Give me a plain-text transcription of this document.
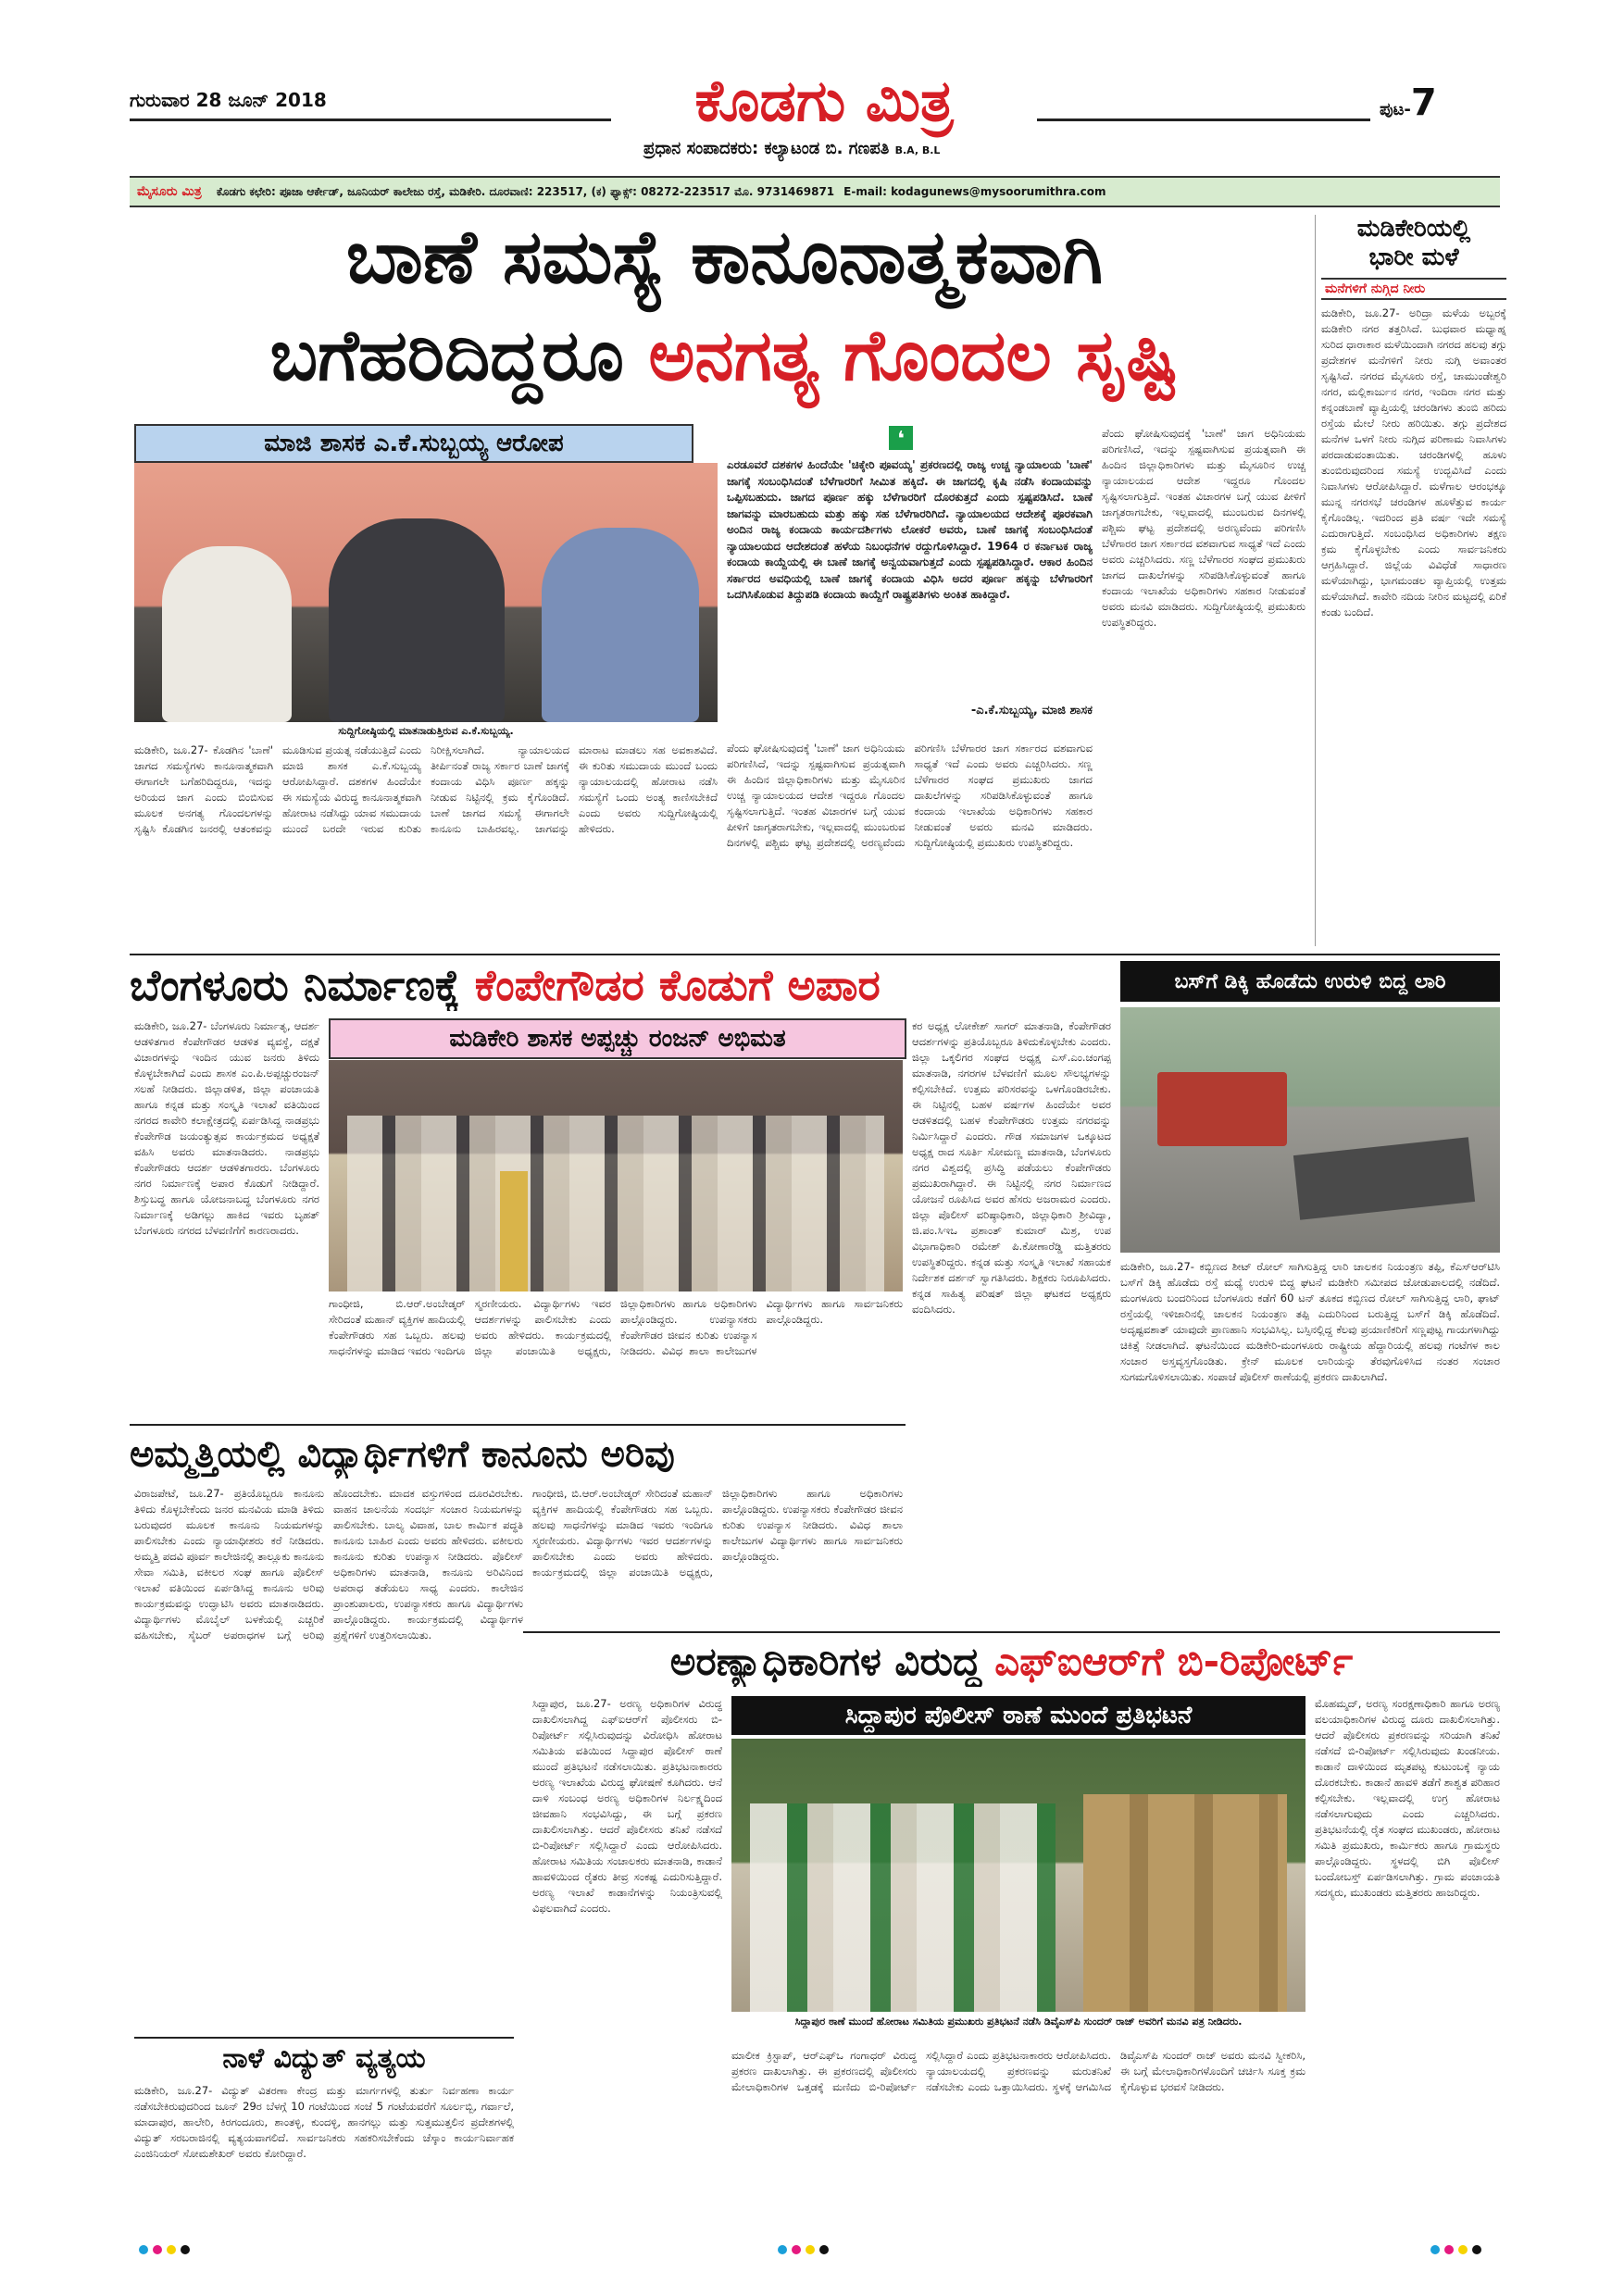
ಗುರುವಾರ 28 ಜೂನ್ 2018	ಕೊಡಗು ಮಿತ್ರ	ಪುಟ-7
ಪ್ರಧಾನ ಸಂಪಾದಕರು: ಕಲ್ಯಾಟಂಡ ಬಿ. ಗಣಪತಿ B.A, B.L
ಮೈಸೂರು ಮಿತ್ರ ಕೊಡಗು ಕಛೇರಿ: ಪೂಜಾ ಆರ್ಕೇಡ್, ಜೂನಿಯರ್ ಕಾಲೇಜು ರಸ್ತೆ, ಮಡಿಕೇರಿ. ದೂರವಾಣಿ: 223517, (ಕ) ಫ್ಯಾಕ್ಸ್: 08272-223517 ಮೊ. 9731469871 E-mail: kodagunews@mysoorumithra.com
ಬಾಣೆ ಸಮಸ್ಯೆ ಕಾನೂನಾತ್ಮಕವಾಗಿ
ಬಗೆಹರಿದಿದ್ದರೂ ಅನಗತ್ಯ ಗೊಂದಲ ಸೃಷ್ಟಿ
ಮಾಜಿ ಶಾಸಕ ಎ.ಕೆ.ಸುಬ್ಬಯ್ಯ ಆರೋಪ
ಸುದ್ದಿಗೋಷ್ಠಿಯಲ್ಲಿ ಮಾತನಾಡುತ್ತಿರುವ ಎ.ಕೆ.ಸುಬ್ಬಯ್ಯ.
ಮಡಿಕೇರಿ, ಜೂ.27- ಕೊಡಗಿನ 'ಬಾಣೆ' ಜಾಗದ ಸಮಸ್ಯೆಗಳು ಕಾನೂನಾತ್ಮಕವಾಗಿ ಈಗಾಗಲೇ ಬಗೆಹರಿದಿದ್ದರೂ, ಇದನ್ನು ಅರಿಯದ ಜಾಗ ಎಂದು ಬಿಂಬಿಸುವ ಮೂಲಕ ಅನಗತ್ಯ ಗೊಂದಲಗಳನ್ನು ಸೃಷ್ಟಿಸಿ ಕೊಡಗಿನ ಜನರಲ್ಲಿ ಆತಂಕವನ್ನು ಮೂಡಿಸುವ ಪ್ರಯತ್ನ ನಡೆಯುತ್ತಿದೆ ಎಂದು ಮಾಜಿ ಶಾಸಕ ಎ.ಕೆ.ಸುಬ್ಬಯ್ಯ ಆರೋಪಿಸಿದ್ದಾರೆ. ದಶಕಗಳ ಹಿಂದೆಯೇ ಈ ಸಮಸ್ಯೆಯ ವಿರುದ್ಧ ಕಾನೂನಾತ್ಮಕವಾಗಿ ಹೋರಾಟ ನಡೆಸಿದ್ದು ಯಾವ ಸಮುದಾಯ ಮುಂದೆ ಬರದೇ ಇರುವ ಕುರಿತು ನಿರೀಕ್ಷಿಸಲಾಗಿದೆ. ನ್ಯಾಯಾಲಯದ ತೀರ್ಪಿನಂತೆ ರಾಜ್ಯ ಸರ್ಕಾರ ಬಾಣೆ ಜಾಗಕ್ಕೆ ಕಂದಾಯ ವಿಧಿಸಿ ಪೂರ್ಣ ಹಕ್ಕನ್ನು ನೀಡುವ ನಿಟ್ಟಿನಲ್ಲಿ ಕ್ರಮ ಕೈಗೊಂಡಿದೆ. ಬಾಣೆ ಜಾಗದ ಸಮಸ್ಯೆ ಈಗಾಗಲೇ ಕಾನೂನು ಬಾಹಿರವಲ್ಲ. ಜಾಗವನ್ನು ಮಾರಾಟ ಮಾಡಲು ಸಹ ಅವಕಾಶವಿದೆ. ಈ ಕುರಿತು ಸಮುದಾಯ ಮುಂದೆ ಬಂದು ನ್ಯಾಯಾಲಯದಲ್ಲಿ ಹೋರಾಟ ನಡೆಸಿ ಸಮಸ್ಯೆಗೆ ಒಂದು ಅಂತ್ಯ ಕಾಣಿಸಬೇಕಿದೆ ಎಂದು ಅವರು ಸುದ್ದಿಗೋಷ್ಠಿಯಲ್ಲಿ ಹೇಳಿದರು.
❛
ಎರಡೂವರೆ ದಶಕಗಳ ಹಿಂದೆಯೇ 'ಚಿಕ್ಕೇರಿ ಪೂವಯ್ಯ' ಪ್ರಕರಣದಲ್ಲಿ ರಾಜ್ಯ ಉಚ್ಚ ನ್ಯಾಯಾಲಯ 'ಬಾಣೆ' ಜಾಗಕ್ಕೆ ಸಂಬಂಧಿಸಿದಂತೆ ಬೆಳೆಗಾರರಿಗೆ ಸೀಮಿತ ಹಕ್ಕಿದೆ. ಈ ಜಾಗದಲ್ಲಿ ಕೃಷಿ ನಡೆಸಿ ಕಂದಾಯವನ್ನು ಒಪ್ಪಿಸಬಹುದು. ಜಾಗದ ಪೂರ್ಣ ಹಕ್ಕು ಬೆಳೆಗಾರರಿಗೆ ದೊರಕುತ್ತದೆ ಎಂದು ಸ್ಪಷ್ಟಪಡಿಸಿದೆ. ಬಾಣೆ ಜಾಗವನ್ನು ಮಾರಬಹುದು ಮತ್ತು ಹಕ್ಕು ಸಹ ಬೆಳೆಗಾರರಿಗಿದೆ. ನ್ಯಾಯಾಲಯದ ಆದೇಶಕ್ಕೆ ಪೂರಕವಾಗಿ ಅಂದಿನ ರಾಜ್ಯ ಕಂದಾಯ ಕಾರ್ಯದರ್ಶಿಗಳು ಲೋಕರೆ ಅವರು, ಬಾಣೆ ಜಾಗಕ್ಕೆ ಸಂಬಂಧಿಸಿದಂತೆ ನ್ಯಾಯಾಲಯದ ಆದೇಶದಂತೆ ಹಳೆಯ ನಿಬಂಧನೆಗಳ ರದ್ದುಗೊಳಿಸಿದ್ದಾರೆ. 1964 ರ ಕರ್ನಾಟಕ ರಾಜ್ಯ ಕಂದಾಯ ಕಾಯ್ದೆಯಲ್ಲಿ ಈ ಬಾಣೆ ಜಾಗಕ್ಕೆ ಅನ್ವಯವಾಗುತ್ತದೆ ಎಂದು ಸ್ಪಷ್ಟಪಡಿಸಿದ್ದಾರೆ. ಆಕಾರ ಹಿಂದಿನ ಸರ್ಕಾರದ ಅವಧಿಯಲ್ಲಿ ಬಾಣೆ ಜಾಗಕ್ಕೆ ಕಂದಾಯ ವಿಧಿಸಿ ಅದರ ಪೂರ್ಣ ಹಕ್ಕನ್ನು ಬೆಳೆಗಾರರಿಗೆ ಒದಗಿಸಿಕೊಡುವ ತಿದ್ದುಪಡಿ ಕಂದಾಯ ಕಾಯ್ದೆಗೆ ರಾಷ್ಟ್ರಪತಿಗಳು ಅಂಕಿತ ಹಾಕಿದ್ದಾರೆ.
-ಎ.ಕೆ.ಸುಬ್ಬಯ್ಯ, ಮಾಜಿ ಶಾಸಕ
ಪೆಂದು ಘೋಷಿಸುವುದಕ್ಕೆ 'ಬಾಣೆ' ಜಾಗ ಅಧಿನಿಯಮ ಪರಿಗಣಿಸಿದೆ, ಇದನ್ನು ಸ್ಪಷ್ಟವಾಗಿಸುವ ಪ್ರಯತ್ನವಾಗಿ ಈ ಹಿಂದಿನ ಜಿಲ್ಲಾಧಿಕಾರಿಗಳು ಮತ್ತು ಮೈಸೂರಿನ ಉಚ್ಚ ನ್ಯಾಯಾಲಯದ ಆದೇಶ ಇದ್ದರೂ ಗೊಂದಲ ಸೃಷ್ಟಿಸಲಾಗುತ್ತಿದೆ. ಇಂತಹ ವಿಚಾರಗಳ ಬಗ್ಗೆ ಯುವ ಪೀಳಿಗೆ ಜಾಗೃತರಾಗಬೇಕು, ಇಲ್ಲವಾದಲ್ಲಿ ಮುಂಬರುವ ದಿನಗಳಲ್ಲಿ ಪಶ್ಚಿಮ ಘಟ್ಟ ಪ್ರದೇಶದಲ್ಲಿ ಅರಣ್ಯವೆಂದು ಪರಿಗಣಿಸಿ ಬೆಳೆಗಾರರ ಜಾಗ ಸರ್ಕಾರದ ವಶವಾಗುವ ಸಾಧ್ಯತೆ ಇದೆ ಎಂದು ಅವರು ಎಚ್ಚರಿಸಿದರು. ಸಣ್ಣ ಬೆಳೆಗಾರರ ಸಂಘದ ಪ್ರಮುಖರು ಜಾಗದ ದಾಖಲೆಗಳನ್ನು ಸರಿಪಡಿಸಿಕೊಳ್ಳುವಂತೆ ಹಾಗೂ ಕಂದಾಯ ಇಲಾಖೆಯ ಅಧಿಕಾರಿಗಳು ಸಹಕಾರ ನೀಡುವಂತೆ ಅವರು ಮನವಿ ಮಾಡಿದರು. ಸುದ್ದಿಗೋಷ್ಠಿಯಲ್ಲಿ ಪ್ರಮುಖರು ಉಪಸ್ಥಿತರಿದ್ದರು.
ಪೆಂದು ಘೋಷಿಸುವುದಕ್ಕೆ 'ಬಾಣೆ' ಜಾಗ ಅಧಿನಿಯಮ ಪರಿಗಣಿಸಿದೆ, ಇದನ್ನು ಸ್ಪಷ್ಟವಾಗಿಸುವ ಪ್ರಯತ್ನವಾಗಿ ಈ ಹಿಂದಿನ ಜಿಲ್ಲಾಧಿಕಾರಿಗಳು ಮತ್ತು ಮೈಸೂರಿನ ಉಚ್ಚ ನ್ಯಾಯಾಲಯದ ಆದೇಶ ಇದ್ದರೂ ಗೊಂದಲ ಸೃಷ್ಟಿಸಲಾಗುತ್ತಿದೆ. ಇಂತಹ ವಿಚಾರಗಳ ಬಗ್ಗೆ ಯುವ ಪೀಳಿಗೆ ಜಾಗೃತರಾಗಬೇಕು, ಇಲ್ಲವಾದಲ್ಲಿ ಮುಂಬರುವ ದಿನಗಳಲ್ಲಿ ಪಶ್ಚಿಮ ಘಟ್ಟ ಪ್ರದೇಶದಲ್ಲಿ ಅರಣ್ಯವೆಂದು ಪರಿಗಣಿಸಿ ಬೆಳೆಗಾರರ ಜಾಗ ಸರ್ಕಾರದ ವಶವಾಗುವ ಸಾಧ್ಯತೆ ಇದೆ ಎಂದು ಅವರು ಎಚ್ಚರಿಸಿದರು. ಸಣ್ಣ ಬೆಳೆಗಾರರ ಸಂಘದ ಪ್ರಮುಖರು ಜಾಗದ ದಾಖಲೆಗಳನ್ನು ಸರಿಪಡಿಸಿಕೊಳ್ಳುವಂತೆ ಹಾಗೂ ಕಂದಾಯ ಇಲಾಖೆಯ ಅಧಿಕಾರಿಗಳು ಸಹಕಾರ ನೀಡುವಂತೆ ಅವರು ಮನವಿ ಮಾಡಿದರು. ಸುದ್ದಿಗೋಷ್ಠಿಯಲ್ಲಿ ಪ್ರಮುಖರು ಉಪಸ್ಥಿತರಿದ್ದರು.
ಮಡಿಕೇರಿಯಲ್ಲಿ
ಭಾರೀ ಮಳೆ
ಮನೆಗಳಿಗೆ ನುಗ್ಗಿದ ನೀರು
ಮಡಿಕೇರಿ, ಜೂ.27- ಅರಿದ್ರಾ ಮಳೆಯ ಅಬ್ಬರಕ್ಕೆ ಮಡಿಕೇರಿ ನಗರ ತತ್ತರಿಸಿದೆ. ಬುಧವಾರ ಮಧ್ಯಾಹ್ನ ಸುರಿದ ಧಾರಾಕಾರ ಮಳೆಯಿಂದಾಗಿ ನಗರದ ಹಲವು ತಗ್ಗು ಪ್ರದೇಶಗಳ ಮನೆಗಳಿಗೆ ನೀರು ನುಗ್ಗಿ ಅವಾಂತರ ಸೃಷ್ಟಿಸಿದೆ. ನಗರದ ಮೈಸೂರು ರಸ್ತೆ, ಚಾಮುಂಡೇಶ್ವರಿ ನಗರ, ಮಲ್ಲಿಕಾರ್ಜುನ ನಗರ, ಇಂದಿರಾ ನಗರ ಮತ್ತು ಕನ್ನಂಡಬಾಣೆ ವ್ಯಾಪ್ತಿಯಲ್ಲಿ ಚರಂಡಿಗಳು ತುಂಬಿ ಹರಿದು ರಸ್ತೆಯ ಮೇಲೆ ನೀರು ಹರಿಯಿತು. ತಗ್ಗು ಪ್ರದೇಶದ ಮನೆಗಳ ಒಳಗೆ ನೀರು ನುಗ್ಗಿದ ಪರಿಣಾಮ ನಿವಾಸಿಗಳು ಪರದಾಡುವಂತಾಯಿತು. ಚರಂಡಿಗಳಲ್ಲಿ ಹೂಳು ತುಂಬಿರುವುದರಿಂದ ಸಮಸ್ಯೆ ಉದ್ಭವಿಸಿದೆ ಎಂದು ನಿವಾಸಿಗಳು ಆರೋಪಿಸಿದ್ದಾರೆ. ಮಳೆಗಾಲ ಆರಂಭಕ್ಕೂ ಮುನ್ನ ನಗರಸಭೆ ಚರಂಡಿಗಳ ಹೂಳೆತ್ತುವ ಕಾರ್ಯ ಕೈಗೊಂಡಿಲ್ಲ. ಇದರಿಂದ ಪ್ರತಿ ವರ್ಷ ಇದೇ ಸಮಸ್ಯೆ ಎದುರಾಗುತ್ತಿದೆ. ಸಂಬಂಧಿಸಿದ ಅಧಿಕಾರಿಗಳು ತಕ್ಷಣ ಕ್ರಮ ಕೈಗೊಳ್ಳಬೇಕು ಎಂದು ಸಾರ್ವಜನಿಕರು ಆಗ್ರಹಿಸಿದ್ದಾರೆ. ಜಿಲ್ಲೆಯ ವಿವಿಧೆಡೆ ಸಾಧಾರಣ ಮಳೆಯಾಗಿದ್ದು, ಭಾಗಮಂಡಲ ವ್ಯಾಪ್ತಿಯಲ್ಲಿ ಉತ್ತಮ ಮಳೆಯಾಗಿದೆ. ಕಾವೇರಿ ನದಿಯ ನೀರಿನ ಮಟ್ಟದಲ್ಲಿ ಏರಿಕೆ ಕಂಡು ಬಂದಿದೆ.
ಬೆಂಗಳೂರು ನಿರ್ಮಾಣಕ್ಕೆ ಕೆಂಪೇಗೌಡರ ಕೊಡುಗೆ ಅಪಾರ
ಮಡಿಕೇರಿ ಶಾಸಕ ಅಪ್ಪಚ್ಚು ರಂಜನ್ ಅಭಿಮತ
ಮಡಿಕೇರಿ, ಜೂ.27- ಬೆಂಗಳೂರು ನಿರ್ಮಾತೃ, ಆದರ್ಶ ಆಡಳಿತಗಾರ ಕೆಂಪೇಗೌಡರ ಆಡಳಿತ ವ್ಯವಸ್ಥೆ, ದಕ್ಷತೆ ವಿಚಾರಗಳನ್ನು ಇಂದಿನ ಯುವ ಜನರು ತಿಳಿದು ಕೊಳ್ಳಬೇಕಾಗಿದೆ ಎಂದು ಶಾಸಕ ಎಂ.ಪಿ.ಅಪ್ಪಚ್ಚುರಂಜನ್ ಸಲಹೆ ನೀಡಿದರು. ಜಿಲ್ಲಾಡಳಿತ, ಜಿಲ್ಲಾ ಪಂಚಾಯತಿ ಹಾಗೂ ಕನ್ನಡ ಮತ್ತು ಸಂಸ್ಕೃತಿ ಇಲಾಖೆ ವತಿಯಿಂದ ನಗರದ ಕಾವೇರಿ ಕಲಾಕ್ಷೇತ್ರದಲ್ಲಿ ಏರ್ಪಡಿಸಿದ್ದ ನಾಡಪ್ರಭು ಕೆಂಪೇಗೌಡ ಜಯಂತ್ಯುತ್ಸವ ಕಾರ್ಯಕ್ರಮದ ಅಧ್ಯಕ್ಷತೆ ವಹಿಸಿ ಅವರು ಮಾತನಾಡಿದರು. ನಾಡಪ್ರಭು ಕೆಂಪೇಗೌಡರು ಆದರ್ಶ ಆಡಳಿತಗಾರರು. ಬೆಂಗಳೂರು ನಗರ ನಿರ್ಮಾಣಕ್ಕೆ ಅಪಾರ ಕೊಡುಗೆ ನೀಡಿದ್ದಾರೆ. ಶಿಸ್ತುಬದ್ಧ ಹಾಗೂ ಯೋಜನಾಬದ್ಧ ಬೆಂಗಳೂರು ನಗರ ನಿರ್ಮಾಣಕ್ಕೆ ಅಡಿಗಲ್ಲು ಹಾಕಿದ ಇವರು ಬೃಹತ್ ಬೆಂಗಳೂರು ನಗರದ ಬೆಳವಣಿಗೆಗೆ ಕಾರಣರಾದರು.
ಗಾಂಧೀಜಿ, ಬಿ.ಆರ್.ಅಂಬೇಡ್ಕರ್ ಸೇರಿದಂತೆ ಮಹಾನ್ ವ್ಯಕ್ತಿಗಳ ಹಾದಿಯಲ್ಲಿ ಕೆಂಪೇಗೌಡರು ಸಹ ಒಬ್ಬರು. ಹಲವು ಸಾಧನೆಗಳನ್ನು ಮಾಡಿದ ಇವರು ಇಂದಿಗೂ ಸ್ಮರಣೀಯರು. ವಿದ್ಯಾರ್ಥಿಗಳು ಇವರ ಆದರ್ಶಗಳನ್ನು ಪಾಲಿಸಬೇಕು ಎಂದು ಅವರು ಹೇಳಿದರು. ಕಾರ್ಯಕ್ರಮದಲ್ಲಿ ಜಿಲ್ಲಾ ಪಂಚಾಯಿತಿ ಅಧ್ಯಕ್ಷರು, ಜಿಲ್ಲಾಧಿಕಾರಿಗಳು ಹಾಗೂ ಅಧಿಕಾರಿಗಳು ಪಾಲ್ಗೊಂಡಿದ್ದರು. ಉಪನ್ಯಾಸಕರು ಕೆಂಪೇಗೌಡರ ಜೀವನ ಕುರಿತು ಉಪನ್ಯಾಸ ನೀಡಿದರು. ವಿವಿಧ ಶಾಲಾ ಕಾಲೇಜುಗಳ ವಿದ್ಯಾರ್ಥಿಗಳು ಹಾಗೂ ಸಾರ್ವಜನಿಕರು ಪಾಲ್ಗೊಂಡಿದ್ದರು.
ಕರ ಅಧ್ಯಕ್ಷ ಲೋಕೇಶ್ ಸಾಗರ್ ಮಾತನಾಡಿ, ಕೆಂಪೇಗೌಡರ ಆದರ್ಶಗಳನ್ನು ಪ್ರತಿಯೊಬ್ಬರೂ ತಿಳಿದುಕೊಳ್ಳಬೇಕು ಎಂದರು. ಜಿಲ್ಲಾ ಒಕ್ಕಲಿಗರ ಸಂಘದ ಅಧ್ಯಕ್ಷ ಎಸ್.ಎಂ.ಚಂಗಪ್ಪ ಮಾತನಾಡಿ, ನಗರಗಳ ಬೆಳವಣಿಗೆ ಮೂಲ ಸೌಲಭ್ಯಗಳನ್ನು ಕಲ್ಪಿಸಬೇಕಿದೆ. ಉತ್ತಮ ಪರಿಸರವನ್ನು ಒಳಗೊಂಡಿರಬೇಕು. ಈ ನಿಟ್ಟಿನಲ್ಲಿ ಬಹಳ ವರ್ಷಗಳ ಹಿಂದೆಯೇ ಅವರ ಆಡಳಿತದಲ್ಲಿ ಬಹಳ ಕೆಂಪೇಗೌಡರು ಉತ್ತಮ ನಗರವನ್ನು ನಿರ್ಮಿಸಿದ್ದಾರೆ ಎಂದರು. ಗೌಡ ಸಮಾಜಗಳ ಒಕ್ಕೂಟದ ಅಧ್ಯಕ್ಷ ರಾದ ಸೂರ್ತಿ ಸೋಮಣ್ಣ ಮಾತನಾಡಿ, ಬೆಂಗಳೂರು ನಗರ ವಿಶ್ವದಲ್ಲಿ ಪ್ರಸಿದ್ಧಿ ಪಡೆಯಲು ಕೆಂಪೇಗೌಡರು ಪ್ರಮುಖರಾಗಿದ್ದಾರೆ. ಈ ನಿಟ್ಟಿನಲ್ಲಿ ನಗರ ನಿರ್ಮಾಣದ ಯೋಜನೆ ರೂಪಿಸಿದ ಅವರ ಹೆಸರು ಅಜರಾಮರ ಎಂದರು. ಜಿಲ್ಲಾ ಪೊಲೀಸ್ ವರಿಷ್ಠಾಧಿಕಾರಿ, ಜಿಲ್ಲಾಧಿಕಾರಿ ಶ್ರೀವಿದ್ಯಾ, ಜಿ.ಪಂ.ಸಿಇಒ ಪ್ರಶಾಂತ್ ಕುಮಾರ್ ಮಿಶ್ರ, ಉಪ ವಿಭಾಗಾಧಿಕಾರಿ ರಮೇಶ್ ಪಿ.ಕೋಣಾರೆಡ್ಡಿ ಮತ್ತಿತರರು ಉಪಸ್ಥಿತರಿದ್ದರು. ಕನ್ನಡ ಮತ್ತು ಸಂಸ್ಕೃತಿ ಇಲಾಖೆ ಸಹಾಯಕ ನಿರ್ದೇಶಕ ದರ್ಶನ್ ಸ್ವಾಗತಿಸಿದರು. ಶಿಕ್ಷಕರು ನಿರೂಪಿಸಿದರು. ಕನ್ನಡ ಸಾಹಿತ್ಯ ಪರಿಷತ್ ಜಿಲ್ಲಾ ಘಟಕದ ಅಧ್ಯಕ್ಷರು ವಂದಿಸಿದರು.
ಬಸ್‌ಗೆ ಡಿಕ್ಕಿ ಹೊಡೆದು ಉರುಳಿ ಬಿದ್ದ ಲಾರಿ
ಮಡಿಕೇರಿ, ಜೂ.27- ಕಬ್ಬಿಣದ ಶೀಟ್ ರೋಲ್ ಸಾಗಿಸುತ್ತಿದ್ದ ಲಾರಿ ಚಾಲಕನ ನಿಯಂತ್ರಣ ತಪ್ಪಿ, ಕೆಎಸ್‌ಆರ್‌ಟಿಸಿ ಬಸ್‌ಗೆ ಡಿಕ್ಕಿ ಹೊಡೆದು ರಸ್ತೆ ಮಧ್ಯೆ ಉರುಳಿ ಬಿದ್ದ ಘಟನೆ ಮಡಿಕೇರಿ ಸಮೀಪದ ಜೋಡುಪಾಲದಲ್ಲಿ ನಡೆದಿದೆ. ಮಂಗಳೂರು ಬಂದರಿನಿಂದ ಬೆಂಗಳೂರು ಕಡೆಗೆ 60 ಟನ್ ತೂಕದ ಕಬ್ಬಿಣದ ರೋಲ್ ಸಾಗಿಸುತ್ತಿದ್ದ ಲಾರಿ, ಘಾಟ್ ರಸ್ತೆಯಲ್ಲಿ ಇಳಿಜಾರಿನಲ್ಲಿ ಚಾಲಕನ ನಿಯಂತ್ರಣ ತಪ್ಪಿ ಎದುರಿನಿಂದ ಬರುತ್ತಿದ್ದ ಬಸ್‌ಗೆ ಡಿಕ್ಕಿ ಹೊಡೆದಿದೆ. ಅದೃಷ್ಟವಶಾತ್ ಯಾವುದೇ ಪ್ರಾಣಹಾನಿ ಸಂಭವಿಸಿಲ್ಲ. ಬಸ್ಸಿನಲ್ಲಿದ್ದ ಕೆಲವು ಪ್ರಯಾಣಿಕರಿಗೆ ಸಣ್ಣಪುಟ್ಟ ಗಾಯಗಳಾಗಿದ್ದು ಚಿಕಿತ್ಸೆ ನೀಡಲಾಗಿದೆ. ಘಟನೆಯಿಂದ ಮಡಿಕೇರಿ-ಮಂಗಳೂರು ರಾಷ್ಟ್ರೀಯ ಹೆದ್ದಾರಿಯಲ್ಲಿ ಹಲವು ಗಂಟೆಗಳ ಕಾಲ ಸಂಚಾರ ಅಸ್ತವ್ಯಸ್ತಗೊಂಡಿತು. ಕ್ರೇನ್ ಮೂಲಕ ಲಾರಿಯನ್ನು ತೆರವುಗೊಳಿಸಿದ ನಂತರ ಸಂಚಾರ ಸುಗಮಗೊಳಿಸಲಾಯಿತು. ಸಂಪಾಜೆ ಪೊಲೀಸ್ ಠಾಣೆಯಲ್ಲಿ ಪ್ರಕರಣ ದಾಖಲಾಗಿದೆ.
ಅಮ್ಮತ್ತಿಯಲ್ಲಿ ವಿದ್ಯಾರ್ಥಿಗಳಿಗೆ ಕಾನೂನು ಅರಿವು
ವಿರಾಜಪೇಟೆ, ಜೂ.27- ಪ್ರತಿಯೊಬ್ಬರೂ ಕಾನೂನು ತಿಳಿದು ಕೊಳ್ಳಬೇಕೆಂದು ಜನರ ಮನವಿಯ ಮಾಡಿ ತಿಳಿದು ಬರುವುದರ ಮೂಲಕ ಕಾನೂನು ನಿಯಮಗಳನ್ನು ಪಾಲಿಸಬೇಕು ಎಂದು ನ್ಯಾಯಾಧೀಶರು ಕರೆ ನೀಡಿದರು. ಅಮ್ಮತ್ತಿ ಪದವಿ ಪೂರ್ವ ಕಾಲೇಜಿನಲ್ಲಿ ತಾಲ್ಲೂಕು ಕಾನೂನು ಸೇವಾ ಸಮಿತಿ, ವಕೀಲರ ಸಂಘ ಹಾಗೂ ಪೊಲೀಸ್ ಇಲಾಖೆ ವತಿಯಿಂದ ಏರ್ಪಡಿಸಿದ್ದ ಕಾನೂನು ಅರಿವು ಕಾರ್ಯಕ್ರಮವನ್ನು ಉದ್ಘಾಟಿಸಿ ಅವರು ಮಾತನಾಡಿದರು. ವಿದ್ಯಾರ್ಥಿಗಳು ಮೊಬೈಲ್ ಬಳಕೆಯಲ್ಲಿ ಎಚ್ಚರಿಕೆ ವಹಿಸಬೇಕು, ಸೈಬರ್ ಅಪರಾಧಗಳ ಬಗ್ಗೆ ಅರಿವು ಹೊಂದಬೇಕು. ಮಾದಕ ವಸ್ತುಗಳಿಂದ ದೂರವಿರಬೇಕು. ವಾಹನ ಚಾಲನೆಯ ಸಂದರ್ಭ ಸಂಚಾರ ನಿಯಮಗಳನ್ನು ಪಾಲಿಸಬೇಕು. ಬಾಲ್ಯ ವಿವಾಹ, ಬಾಲ ಕಾರ್ಮಿಕ ಪದ್ಧತಿ ಕಾನೂನು ಬಾಹಿರ ಎಂದು ಅವರು ಹೇಳಿದರು. ವಕೀಲರು ಕಾನೂನು ಕುರಿತು ಉಪನ್ಯಾಸ ನೀಡಿದರು. ಪೊಲೀಸ್ ಅಧಿಕಾರಿಗಳು ಮಾತನಾಡಿ, ಕಾನೂನು ಅರಿವಿನಿಂದ ಅಪರಾಧ ತಡೆಯಲು ಸಾಧ್ಯ ಎಂದರು. ಕಾಲೇಜಿನ ಪ್ರಾಂಶುಪಾಲರು, ಉಪನ್ಯಾಸಕರು ಹಾಗೂ ವಿದ್ಯಾರ್ಥಿಗಳು ಪಾಲ್ಗೊಂಡಿದ್ದರು. ಕಾರ್ಯಕ್ರಮದಲ್ಲಿ ವಿದ್ಯಾರ್ಥಿಗಳ ಪ್ರಶ್ನೆಗಳಿಗೆ ಉತ್ತರಿಸಲಾಯಿತು.
ಗಾಂಧೀಜಿ, ಬಿ.ಆರ್.ಅಂಬೇಡ್ಕರ್ ಸೇರಿದಂತೆ ಮಹಾನ್ ವ್ಯಕ್ತಿಗಳ ಹಾದಿಯಲ್ಲಿ ಕೆಂಪೇಗೌಡರು ಸಹ ಒಬ್ಬರು. ಹಲವು ಸಾಧನೆಗಳನ್ನು ಮಾಡಿದ ಇವರು ಇಂದಿಗೂ ಸ್ಮರಣೀಯರು. ವಿದ್ಯಾರ್ಥಿಗಳು ಇವರ ಆದರ್ಶಗಳನ್ನು ಪಾಲಿಸಬೇಕು ಎಂದು ಅವರು ಹೇಳಿದರು. ಕಾರ್ಯಕ್ರಮದಲ್ಲಿ ಜಿಲ್ಲಾ ಪಂಚಾಯಿತಿ ಅಧ್ಯಕ್ಷರು, ಜಿಲ್ಲಾಧಿಕಾರಿಗಳು ಹಾಗೂ ಅಧಿಕಾರಿಗಳು ಪಾಲ್ಗೊಂಡಿದ್ದರು. ಉಪನ್ಯಾಸಕರು ಕೆಂಪೇಗೌಡರ ಜೀವನ ಕುರಿತು ಉಪನ್ಯಾಸ ನೀಡಿದರು. ವಿವಿಧ ಶಾಲಾ ಕಾಲೇಜುಗಳ ವಿದ್ಯಾರ್ಥಿಗಳು ಹಾಗೂ ಸಾರ್ವಜನಿಕರು ಪಾಲ್ಗೊಂಡಿದ್ದರು.
ನಾಳೆ ವಿದ್ಯುತ್ ವ್ಯತ್ಯಯ
ಮಡಿಕೇರಿ, ಜೂ.27- ವಿದ್ಯುತ್ ವಿತರಣಾ ಕೇಂದ್ರ ಮತ್ತು ಮಾರ್ಗಗಳಲ್ಲಿ ತುರ್ತು ನಿರ್ವಹಣಾ ಕಾರ್ಯ ನಡೆಸಬೇಕಿರುವುದರಿಂದ ಜೂನ್ 29ರ ಬೆಳಗ್ಗೆ 10 ಗಂಟೆಯಿಂದ ಸಂಜೆ 5 ಗಂಟೆಯವರೆಗೆ ಸೂರ್ಲಬ್ಬಿ, ಗರ್ವಾಲೆ, ಮಾದಾಪುರ, ಹಾಲೇರಿ, ಕಿರಗಂದೂರು, ಶಾಂತಳ್ಳಿ, ಕುಂದಳ್ಳಿ, ಹಾನಗಲ್ಲು ಮತ್ತು ಸುತ್ತಮುತ್ತಲಿನ ಪ್ರದೇಶಗಳಲ್ಲಿ ವಿದ್ಯುತ್ ಸರಬರಾಜಿನಲ್ಲಿ ವ್ಯತ್ಯಯವಾಗಲಿದೆ. ಸಾರ್ವಜನಿಕರು ಸಹಕರಿಸಬೇಕೆಂದು ಚೆಸ್ಕಾಂ ಕಾರ್ಯನಿರ್ವಾಹಕ ಎಂಜಿನಿಯರ್ ಸೋಮಶೇಖರ್ ಅವರು ಕೋರಿದ್ದಾರೆ.
ಅರಣ್ಯಾಧಿಕಾರಿಗಳ ವಿರುದ್ಧ ಎಫ್‌ಐಆರ್‌ಗೆ ಬಿ-ರಿಪೋರ್ಟ್
ಸಿದ್ದಾಪುರ, ಜೂ.27- ಅರಣ್ಯ ಅಧಿಕಾರಿಗಳ ವಿರುದ್ಧ ದಾಖಲಿಸಲಾಗಿದ್ದ ಎಫ್‌ಐಆರ್‌ಗೆ ಪೊಲೀಸರು ಬಿ-ರಿಪೋರ್ಟ್ ಸಲ್ಲಿಸಿರುವುದನ್ನು ವಿರೋಧಿಸಿ ಹೋರಾಟ ಸಮಿತಿಯ ವತಿಯಿಂದ ಸಿದ್ದಾಪುರ ಪೊಲೀಸ್ ಠಾಣೆ ಮುಂದೆ ಪ್ರತಿಭಟನೆ ನಡೆಸಲಾಯಿತು. ಪ್ರತಿಭಟನಾಕಾರರು ಅರಣ್ಯ ಇಲಾಖೆಯ ವಿರುದ್ಧ ಘೋಷಣೆ ಕೂಗಿದರು. ಆನೆ ದಾಳಿ ಸಂಬಂಧ ಅರಣ್ಯ ಅಧಿಕಾರಿಗಳ ನಿರ್ಲಕ್ಷ್ಯದಿಂದ ಜೀವಹಾನಿ ಸಂಭವಿಸಿದ್ದು, ಈ ಬಗ್ಗೆ ಪ್ರಕರಣ ದಾಖಲಿಸಲಾಗಿತ್ತು. ಆದರೆ ಪೊಲೀಸರು ತನಿಖೆ ನಡೆಸದೆ ಬಿ-ರಿಪೋರ್ಟ್ ಸಲ್ಲಿಸಿದ್ದಾರೆ ಎಂದು ಆರೋಪಿಸಿದರು. ಹೋರಾಟ ಸಮಿತಿಯ ಸಂಚಾಲಕರು ಮಾತನಾಡಿ, ಕಾಡಾನೆ ಹಾವಳಿಯಿಂದ ರೈತರು ತೀವ್ರ ಸಂಕಷ್ಟ ಎದುರಿಸುತ್ತಿದ್ದಾರೆ. ಅರಣ್ಯ ಇಲಾಖೆ ಕಾಡಾನೆಗಳನ್ನು ನಿಯಂತ್ರಿಸುವಲ್ಲಿ ವಿಫಲವಾಗಿದೆ ಎಂದರು.
ಸಿದ್ದಾಪುರ ಪೊಲೀಸ್ ಠಾಣೆ ಮುಂದೆ ಪ್ರತಿಭಟನೆ
ಸಿದ್ದಾಪುರ ಠಾಣೆ ಮುಂದೆ ಹೋರಾಟ ಸಮಿತಿಯ ಪ್ರಮುಖರು ಪ್ರತಿಭಟನೆ ನಡೆಸಿ ಡಿವೈಎಸ್‌ಪಿ ಸುಂದರ್ ರಾಜ್ ಅವರಿಗೆ ಮನವಿ ಪತ್ರ ನೀಡಿದರು.
ಮೊಹಮ್ಮದ್, ಅರಣ್ಯ ಸಂರಕ್ಷಣಾಧಿಕಾರಿ ಹಾಗೂ ಅರಣ್ಯ ವಲಯಾಧಿಕಾರಿಗಳ ವಿರುದ್ಧ ದೂರು ದಾಖಲಿಸಲಾಗಿತ್ತು. ಆದರೆ ಪೊಲೀಸರು ಪ್ರಕರಣವನ್ನು ಸರಿಯಾಗಿ ತನಿಖೆ ನಡೆಸದೆ ಬಿ-ರಿಪೋರ್ಟ್ ಸಲ್ಲಿಸಿರುವುದು ಖಂಡನೀಯ. ಕಾಡಾನೆ ದಾಳಿಯಿಂದ ಮೃತಪಟ್ಟ ಕುಟುಂಬಕ್ಕೆ ನ್ಯಾಯ ದೊರಕಬೇಕು. ಕಾಡಾನೆ ಹಾವಳಿ ತಡೆಗೆ ಶಾಶ್ವತ ಪರಿಹಾರ ಕಲ್ಪಿಸಬೇಕು. ಇಲ್ಲವಾದಲ್ಲಿ ಉಗ್ರ ಹೋರಾಟ ನಡೆಸಲಾಗುವುದು ಎಂದು ಎಚ್ಚರಿಸಿದರು. ಪ್ರತಿಭಟನೆಯಲ್ಲಿ ರೈತ ಸಂಘದ ಮುಖಂಡರು, ಹೋರಾಟ ಸಮಿತಿ ಪ್ರಮುಖರು, ಕಾರ್ಮಿಕರು ಹಾಗೂ ಗ್ರಾಮಸ್ಥರು ಪಾಲ್ಗೊಂಡಿದ್ದರು. ಸ್ಥಳದಲ್ಲಿ ಬಿಗಿ ಪೊಲೀಸ್ ಬಂದೋಬಸ್ತ್ ಏರ್ಪಡಿಸಲಾಗಿತ್ತು. ಗ್ರಾಮ ಪಂಚಾಯತಿ ಸದಸ್ಯರು, ಮುಖಂಡರು ಮತ್ತಿತರರು ಹಾಜರಿದ್ದರು.
ಮಾಲೀಕ ಕ್ರಿಸ್ಟಾಪ್, ಆರ್‌ಎಫ್‌ಒ ಗಂಗಾಧರ್ ವಿರುದ್ಧ ಪ್ರಕರಣ ದಾಖಲಾಗಿತ್ತು. ಈ ಪ್ರಕರಣದಲ್ಲಿ ಪೊಲೀಸರು ಮೇಲಾಧಿಕಾರಿಗಳ ಒತ್ತಡಕ್ಕೆ ಮಣಿದು ಬಿ-ರಿಪೋರ್ಟ್ ಸಲ್ಲಿಸಿದ್ದಾರೆ ಎಂದು ಪ್ರತಿಭಟನಾಕಾರರು ಆರೋಪಿಸಿದರು. ನ್ಯಾಯಾಲಯದಲ್ಲಿ ಪ್ರಕರಣವನ್ನು ಮರುತನಿಖೆ ನಡೆಸಬೇಕು ಎಂದು ಒತ್ತಾಯಿಸಿದರು. ಸ್ಥಳಕ್ಕೆ ಆಗಮಿಸಿದ ಡಿವೈಎಸ್‌ಪಿ ಸುಂದರ್ ರಾಜ್ ಅವರು ಮನವಿ ಸ್ವೀಕರಿಸಿ, ಈ ಬಗ್ಗೆ ಮೇಲಾಧಿಕಾರಿಗಳೊಂದಿಗೆ ಚರ್ಚಿಸಿ ಸೂಕ್ತ ಕ್ರಮ ಕೈಗೊಳ್ಳುವ ಭರವಸೆ ನೀಡಿದರು.
